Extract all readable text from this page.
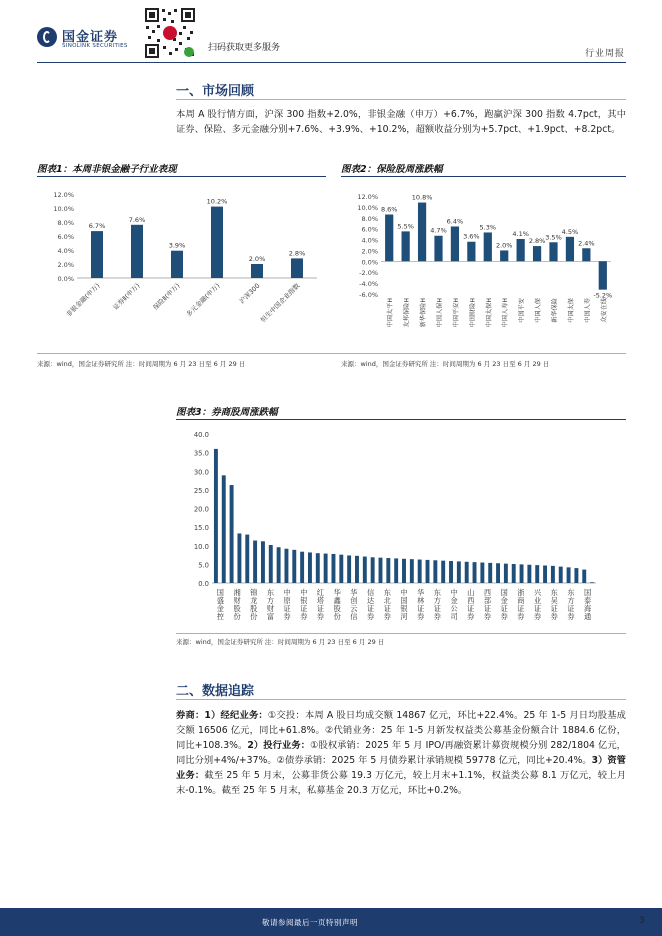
国金证券
SINOLINK SECURITIES	扫码获取更多服务
行业周报
一、市场回顾
本周 A 股行情方面，沪深 300 指数+2.0%，非银金融（申万）+6.7%，跑赢沪深 300 指数 4.7pct，其中证券、保险、多元金融分别+7.6%、+3.9%、+10.2%，超额收益分别为+5.7pct、+1.9pct、+8.2pct。
图表1：本周非银金融子行业表现
0.0%
2.0%
4.0%
6.0%
8.0%
10.0%
12.0%
6.7%
7.6%
3.9%
10.2%
2.0%
2.8%
非银金融(申万) 证券Ⅱ(申万) 保险Ⅱ(申万) 多元金融(申万)	沪深300
恒生中国企业指数
来源：wind，国金证券研究所 注：时间周期为 6 月 23 日至 6 月 29 日
图表2：保险股周涨跌幅
-6.0%
-4.0%
-2.0%
0.0%
2.0%
4.0%
6.0%
8.0%
10.0%
12.0%
8.6%
5.5%
10.8%
4.7%
6.4%
3.6%
5.3%
2.0%
4.1%
2.8% 3.5%
4.5%
2.4%
-5.2%
中国太平H 友邦保险H 新华保险H 中国人保H 中国平安H 中国财险H 中国太保H 中国人寿H 中国平安 中国人保 新华保险 中国太保 中国人寿 众安在线
来源：wind，国金证券研究所 注：时间周期为 6 月 23 日至 6 月 29 日
图表3：券商股周涨跌幅
0.0
5.0
10.0
15.0
20.0
25.0
30.0
35.0
40.0
国盛金控
湘财股份
锦龙股份
东方财富
中原证券
中银证券
红塔证券
华鑫股份
华创云信
信达证券
东北证券
中国银河
华林证券
东方证券
中金公司
山西证券
西部证券
国金证券
浙商证券
兴业证券
东吴证券
东方证券
国泰海通
来源：wind，国金证券研究所 注：时间周期为 6 月 23 日至 6 月 29 日
二、数据追踪
券商：1）经纪业务：①交投：本周 A 股日均成交额 14867 亿元，环比+22.4%。25 年 1-5 月日均股基成交额 16506 亿元，同比+61.8%。②代销业务：25 年 1-5 月新发权益类公募基金份额合计 1884.6 亿份，同比+108.3%。2）投行业务：①股权承销：2025 年 5 月 IPO/再融资累计募资规模分别 282/1804 亿元，同比分别+4%/+37%。②债券承销：2025 年 5 月债券累计承销规模 59778 亿元，同比+20.4%。3）资管业务：截至 25 年 5 月末，公募非货公募 19.3 万亿元，较上月末+1.1%，权益类公募 8.1 万亿元，较上月末-0.1%。截至 25 年 5 月末，私募基金 20.3 万亿元，环比+0.2%。
敬请参阅最后一页特别声明	3
